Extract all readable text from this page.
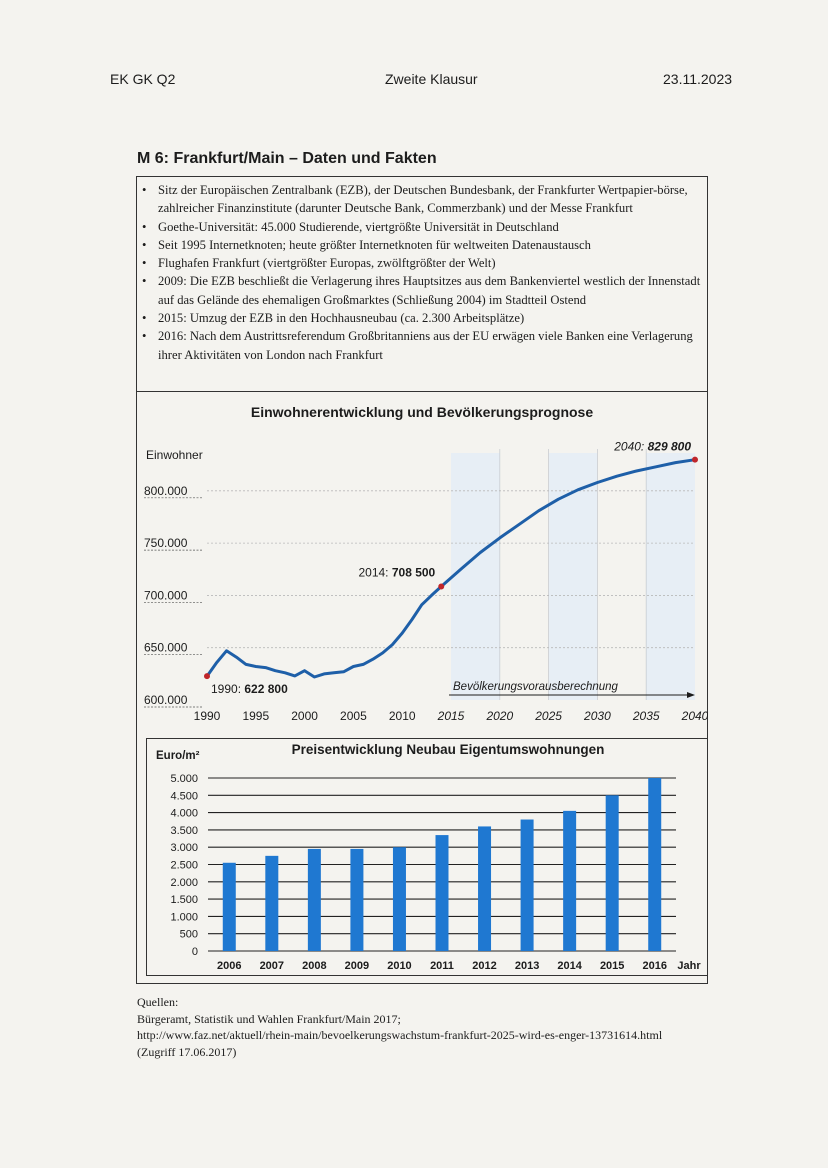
EK GK Q2	Zweite Klausur	23.11.2023
M 6: Frankfurt/Main – Daten und Fakten
• Sitz der Europäischen Zentralbank (EZB), der Deutschen Bundesbank, der Frankfurter Wertpapier-börse, zahlreicher Finanzinstitute (darunter Deutsche Bank, Commerzbank) und der Messe Frankfurt
• Goethe-Universität: 45.000 Studierende, viertgrößte Universität in Deutschland
• Seit 1995 Internetknoten; heute größter Internetknoten für weltweiten Datenaustausch
• Flughafen Frankfurt (viertgrößter Europas, zwölftgrößter der Welt)
• 2009: Die EZB beschließt die Verlagerung ihres Hauptsitzes aus dem Bankenviertel westlich der Innenstadt auf das Gelände des ehemaligen Großmarktes (Schließung 2004) im Stadtteil Ostend
• 2015: Umzug der EZB in den Hochhausneubau (ca. 2.300 Arbeitsplätze)
• 2016: Nach dem Austrittsreferendum Großbritanniens aus der EU erwägen viele Banken eine Verlagerung ihrer Aktivitäten von London nach Frankfurt
Einwohnerentwicklung und Bevölkerungsprognose
Einwohner
600.000
650.000
700.000
750.000
800.000
1990 1995 2000 2005 2010 2015 2020 2025 2030 2035 2040
1990: 622 800
2014: 708 500
2040: 829 800
Bevölkerungsvorausberechnung
Euro/m²	Preisentwicklung Neubau Eigentumswohnungen
0
500
1.000
1.500
2.000
2.500
3.000
3.500
4.000
4.500
5.000
2006 2007 2008 2009 2010 2011 2012 2013 2014 2015 2016 Jahr
Quellen:
Bürgeramt, Statistik und Wahlen Frankfurt/Main 2017;
http://www.faz.net/aktuell/rhein-main/bevoelkerungswachstum-frankfurt-2025-wird-es-enger-13731614.html
(Zugriff 17.06.2017)
